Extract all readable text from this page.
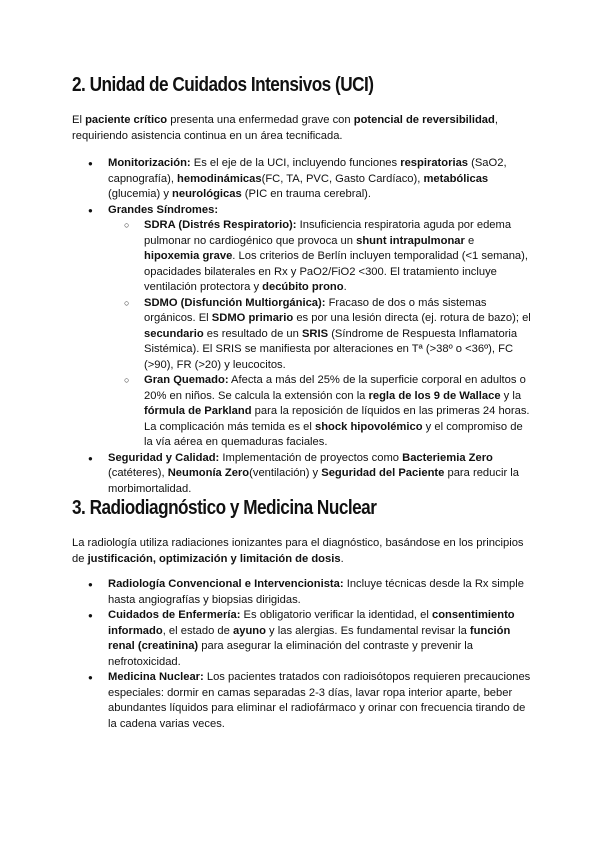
2. Unidad de Cuidados Intensivos (UCI)

El paciente crítico presenta una enfermedad grave con potencial de reversibilidad, requiriendo asistencia continua en un área tecnificada.

● Monitorización: Es el eje de la UCI, incluyendo funciones respiratorias (SaO2, capnografía), hemodinámicas(FC, TA, PVC, Gasto Cardíaco), metabólicas (glucemia) y neurológicas (PIC en trauma cerebral).
● Grandes Síndromes:
○ SDRA (Distrés Respiratorio): Insuficiencia respiratoria aguda por edema pulmonar no cardiogénico que provoca un shunt intrapulmonar e hipoxemia grave. Los criterios de Berlín incluyen temporalidad (<1 semana), opacidades bilaterales en Rx y PaO2/FiO2 <300. El tratamiento incluye ventilación protectora y decúbito prono.
○ SDMO (Disfunción Multiorgánica): Fracaso de dos o más sistemas orgánicos. El SDMO primario es por una lesión directa (ej. rotura de bazo); el secundario es resultado de un SRIS (Síndrome de Respuesta Inflamatoria Sistémica). El SRIS se manifiesta por alteraciones en Tª (>38º o <36º), FC (>90), FR (>20) y leucocitos.
○ Gran Quemado: Afecta a más del 25% de la superficie corporal en adultos o 20% en niños. Se calcula la extensión con la regla de los 9 de Wallace y la fórmula de Parkland para la reposición de líquidos en las primeras 24 horas. La complicación más temida es el shock hipovolémico y el compromiso de la vía aérea en quemaduras faciales.
● Seguridad y Calidad: Implementación de proyectos como Bacteriemia Zero (catéteres), Neumonía Zero(ventilación) y Seguridad del Paciente para reducir la morbimortalidad.
3. Radiodiagnóstico y Medicina Nuclear

La radiología utiliza radiaciones ionizantes para el diagnóstico, basándose en los principios de justificación, optimización y limitación de dosis.

● Radiología Convencional e Intervencionista: Incluye técnicas desde la Rx simple hasta angiografías y biopsias dirigidas.
● Cuidados de Enfermería: Es obligatorio verificar la identidad, el consentimiento informado, el estado de ayuno y las alergias. Es fundamental revisar la función renal (creatinina) para asegurar la eliminación del contraste y prevenir la nefrotoxicidad.
● Medicina Nuclear: Los pacientes tratados con radioisótopos requieren precauciones especiales: dormir en camas separadas 2-3 días, lavar ropa interior aparte, beber abundantes líquidos para eliminar el radiofármaco y orinar con frecuencia tirando de la cadena varias veces.
